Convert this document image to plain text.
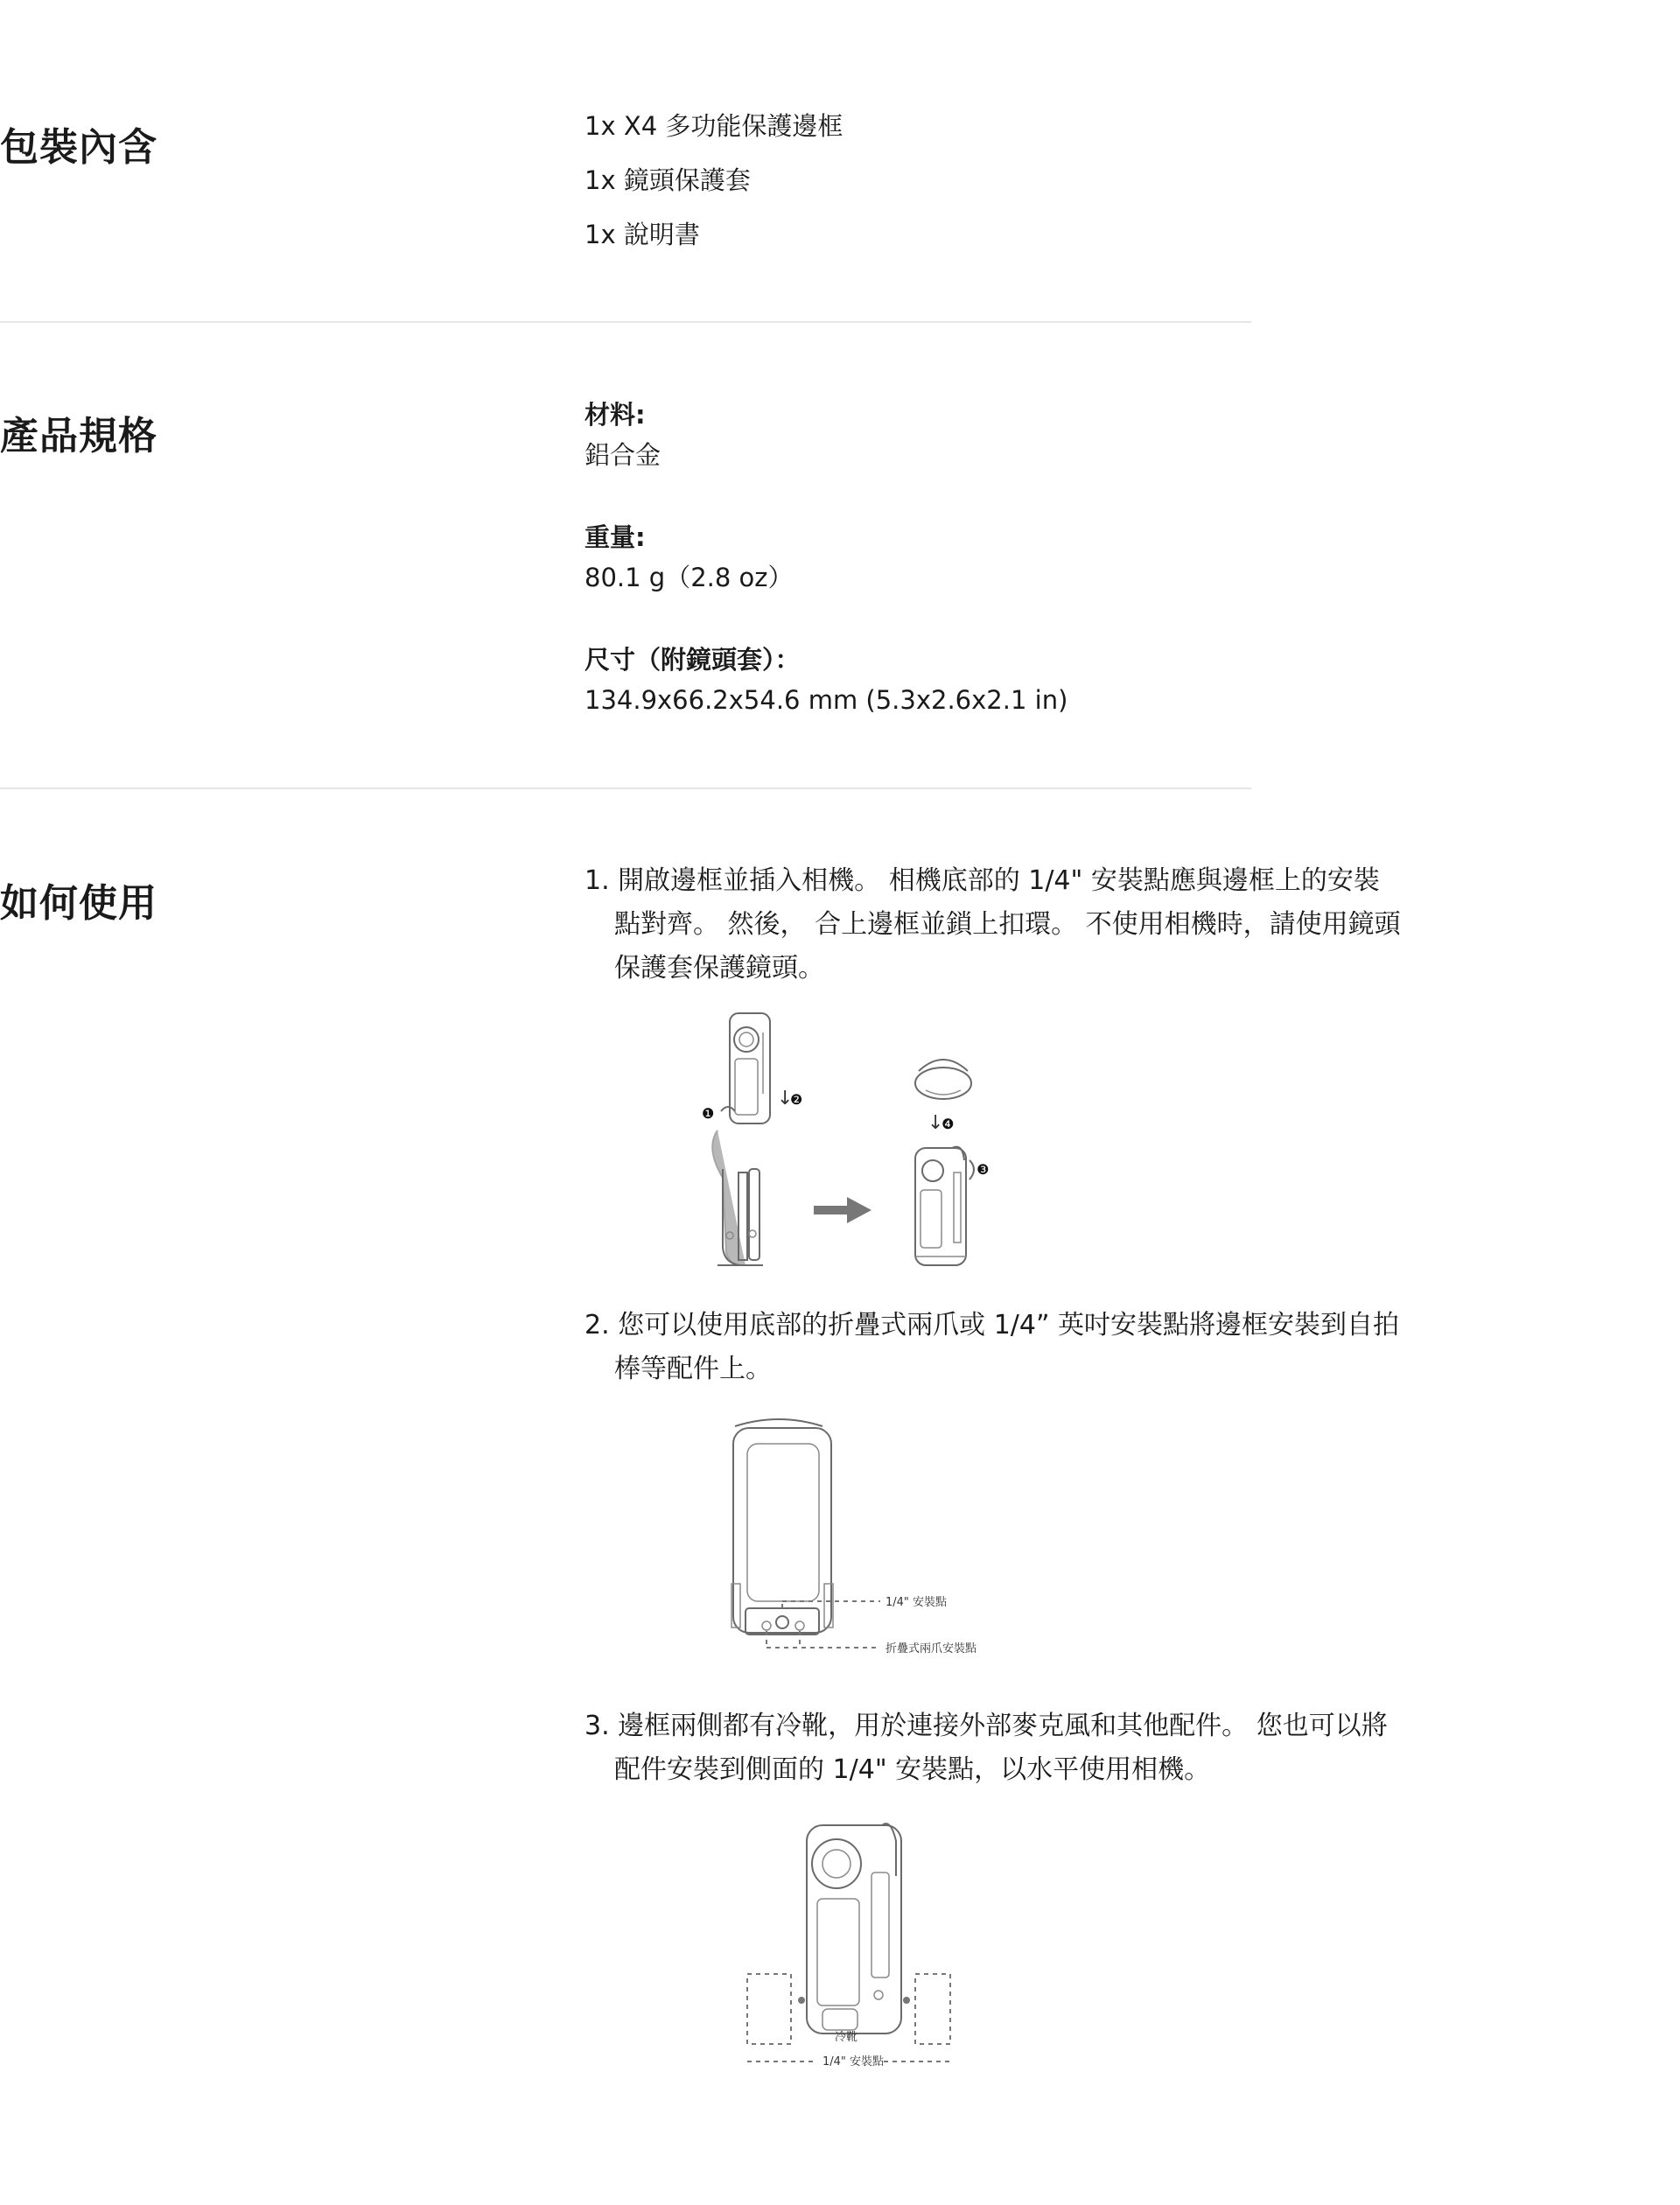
包裝內含	1x X4 多功能保護邊框
1x 鏡頭保護套
1x 說明書
產品規格	材料:
鋁合金
重量:
80.1 g（2.8 oz）
尺寸（附鏡頭套）：
134.9x66.2x54.6 mm (5.3x2.6x2.1 in)
如何使用
1. 開啟邊框並插入相機。 相機底部的 1/4" 安裝點應與邊框上的安裝點對齊。 然後， 合上邊框並鎖上扣環。 不使用相機時，請使用鏡頭保護套保護鏡頭。
↓
❷
❶	↓
❹
❸
2. 您可以使用底部的折疊式兩爪或 1/4” 英吋安裝點將邊框安裝到自拍棒等配件上。
1/4" 安裝點
折疊式兩爪安裝點
3. 邊框兩側都有冷靴，用於連接外部麥克風和其他配件。 您也可以將配件安裝到側面的 1/4" 安裝點，以水平使用相機。
冷靴
1/4" 安裝點
